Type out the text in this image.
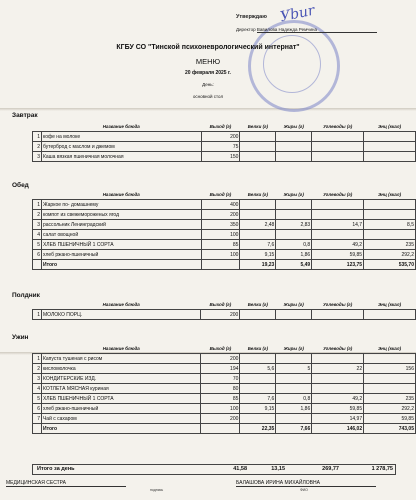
Уbur
Утверждаю
Директор Вавилова Надежда Ремчина
КГБУ СО "Тинской психоневрологический интернат"
МЕНЮ
20 февраля 2025 г.
День:
основной стол
Завтрак
Обед
Полдник
Ужин
	Название блюда	Выход (г)	Белки (г)	Жиры (г)	Углеводы (г)	Энц (ккал)
1	кофе на молоке	200				
2	бутерброд с маслом и джемом	75				
3	Каша вязкая пшеничная молочная	150				
	Название блюда	Выход (г)	Белки (г)	Жиры (г)	Углеводы (г)	Энц (ккал)
1	Жаркое по- домашнему	400				
2	компот из свежемороженых ягод	200				
3	рассольник Ленинградский	350	2,48	2,83	14,7	8,5
4	салат овощной	100				
5	ХЛЕБ ПШЕНИЧНЫЙ 1 СОРТА	85	7,6	0,8	49,2	235
6	хлеб ржано-пшеничный	100	9,15	1,86	59,85	292,2
	Итого		19,23	5,49	123,75	535,70
	Название блюда	Выход (г)	Белки (г)	Жиры (г)	Углеводы (г)	Энц (ккал)
1	МОЛОКО ПОРЦ.	200				
	Название блюда	Выход (г)	Белки (г)	Жиры (г)	Углеводы (г)	Энц (ккал)
1	Капуста тушеная с рисом	200				
2	кисломолочка	194	5,6	5	22	156
3	КОНДИТЕРСКИЕ ИЗД.	70				
4	КОТЛЕТА МЯСНАЯ куриная	80				
5	ХЛЕБ ПШЕНИЧНЫЙ 1 СОРТА	85	7,6	0,8	49,2	235
6	хлеб ржано-пшеничный	100	9,15	1,86	59,85	292,2
7	Чай с сахаром	200			14,97	59,85
	Итого		22,35	7,66	146,02	743,05
Итого за день	41,58	13,15	269,77	1 278,75
МЕДИЦИНСКАЯ СЕСТРА
подпись
БАЛАШОВА ИРИНА МИХАЙЛОВНА
ФИО
